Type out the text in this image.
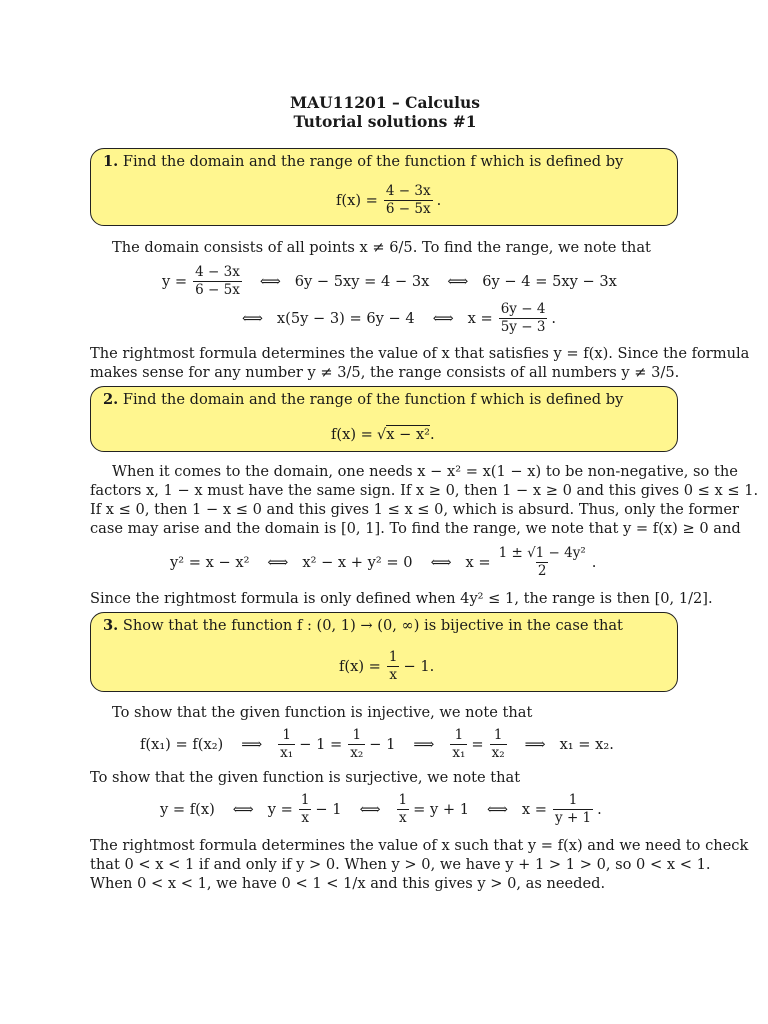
MAU11201 – Calculus
Tutorial solutions #1
1. Find the domain and the range of the function f which is defined by
$f(x) = \frac{4 - 3x}{6 - 5x}$ .
The domain consists of all points x ≠ 6/5. To find the range, we note that
$y = \frac{4 - 3x}{6 - 5x}$ ⟺ 6y − 5xy = 4 − 3x ⟺ 6y − 4 = 5xy − 3x
⟺ x(5y − 3) = 6y − 4 ⟺ $x = \frac{6y - 4}{5y - 3}$ .
The rightmost formula determines the value of x that satisfies y = f(x). Since the formula
makes sense for any number y ≠ 3/5, the range consists of all numbers y ≠ 3/5.
2. Find the domain and the range of the function f which is defined by
f(x) = √ x − x² .
When it comes to the domain, one needs x − x² = x(1 − x) to be non-negative, so the
factors x, 1 − x must have the same sign. If x ≥ 0, then 1 − x ≥ 0 and this gives 0 ≤ x ≤ 1.
If x ≤ 0, then 1 − x ≤ 0 and this gives 1 ≤ x ≤ 0, which is absurd. Thus, only the former
case may arise and the domain is [0, 1]. To find the range, we note that y = f(x) ≥ 0 and
y² = x − x² ⟺ x² − x + y² = 0 ⟺ $x = \frac{\text{1 ± √1 − 4y²}}{2}$ .
Since the rightmost formula is only defined when 4y² ≤ 1, the range is then [0, 1/2].
3. Show that the function f : (0, 1) → (0, ∞) is bijective in the case that
$f(x) = \frac{1}{x} - 1$.
To show that the given function is injective, we note that
f(x₁) = f(x₂) ⟹ $\frac{1}{\text{x₁}} - 1 = \frac{1}{\text{x₂}} - 1$ ⟹ $\frac{1}{\text{x₁}} = \frac{1}{\text{x₂}}$ ⟹ x₁ = x₂.
To show that the given function is surjective, we note that
y = f(x) ⟺ $y = \frac{1}{x} - 1$ ⟺ $\frac{1}{x} = y + 1$ ⟺ $x = \frac{1}{y + 1}$ .
The rightmost formula determines the value of x such that y = f(x) and we need to check
that 0 < x < 1 if and only if y > 0. When y > 0, we have y + 1 > 1 > 0, so 0 < x < 1.
When 0 < x < 1, we have 0 < 1 < 1/x and this gives y > 0, as needed.
